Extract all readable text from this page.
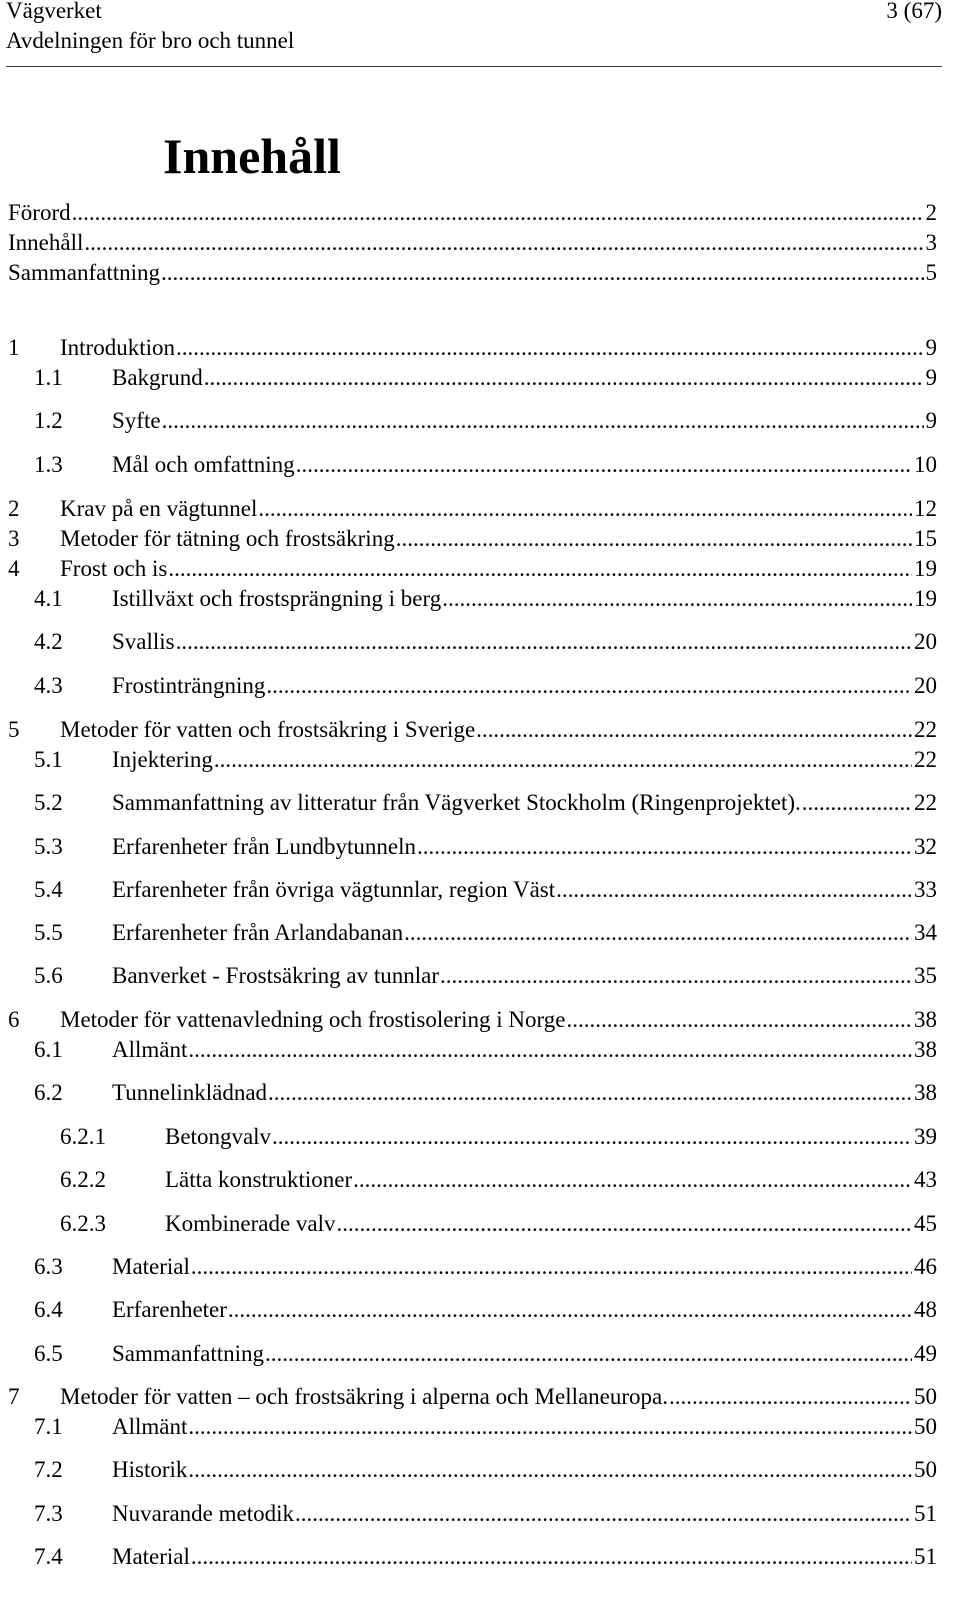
Vägverket
Avdelningen för bro och tunnel
3 (67)
Innehåll
Förord .....	2
Innehåll .....	3
Sammanfattning .....	5
1 Introduktion .....	9
1.1 Bakgrund .....	9
1.2 Syfte .....	9
1.3 Mål och omfattning .....	10
2 Krav på en vägtunnel .....	12
3 Metoder för tätning och frostsäkring .....	15
4 Frost och is .....	19
4.1 Istillväxt och frostsprängning i berg .....	19
4.2 Svallis .....	20
4.3 Frostinträngning .....	20
5 Metoder för vatten och frostsäkring i Sverige .....	22
5.1 Injektering .....	22
5.2 Sammanfattning av litteratur från Vägverket Stockholm (Ringenprojektet). .....	22
5.3 Erfarenheter från Lundbytunneln .....	32
5.4 Erfarenheter från övriga vägtunnlar, region Väst .....	33
5.5 Erfarenheter från Arlandabanan .....	34
5.6 Banverket - Frostsäkring av tunnlar .....	35
6 Metoder för vattenavledning och frostisolering i Norge .....	38
6.1 Allmänt .....	38
6.2 Tunnelinklädnad .....	38
6.2.1	Betongvalv .....	39
6.2.2	Lätta konstruktioner .....	43
6.2.3	Kombinerade valv .....	45
6.3 Material .....	46
6.4 Erfarenheter .....	48
6.5 Sammanfattning .....	49
7 Metoder för vatten – och frostsäkring i alperna och Mellaneuropa. .....	50
7.1 Allmänt .....	50
7.2 Historik .....	50
7.3 Nuvarande metodik .....	51
7.4 Material .....	51
